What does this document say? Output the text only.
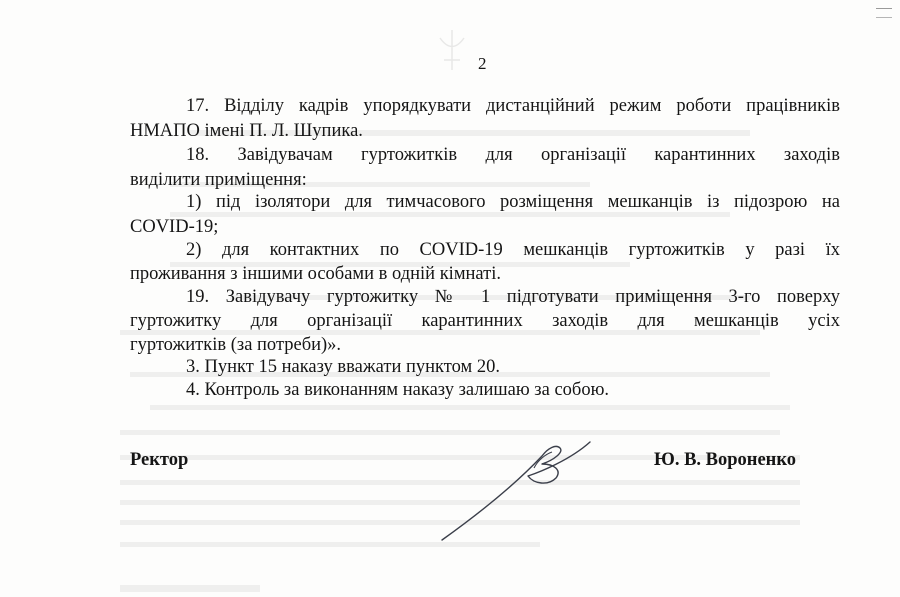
2
17. Відділу кадрів упорядкувати дистанційний режим роботи працівників
НМАПО імені П. Л. Шупика.
18. Завідувачам гуртожитків для організації карантинних заходів
виділити приміщення:
1) під ізолятори для тимчасового розміщення мешканців із підозрою на
COVID-19;
2) для контактних по COVID-19 мешканців гуртожитків у разі їх
проживання з іншими особами в одній кімнаті.
19. Завідувачу гуртожитку № 1 підготувати приміщення 3-го поверху
гуртожитку для організації карантинних заходів для мешканців усіх
гуртожитків (за потреби)».
3. Пункт 15 наказу вважати пунктом 20.
4. Контроль за виконанням наказу залишаю за собою.
Ректор	Ю. В. Вороненко
